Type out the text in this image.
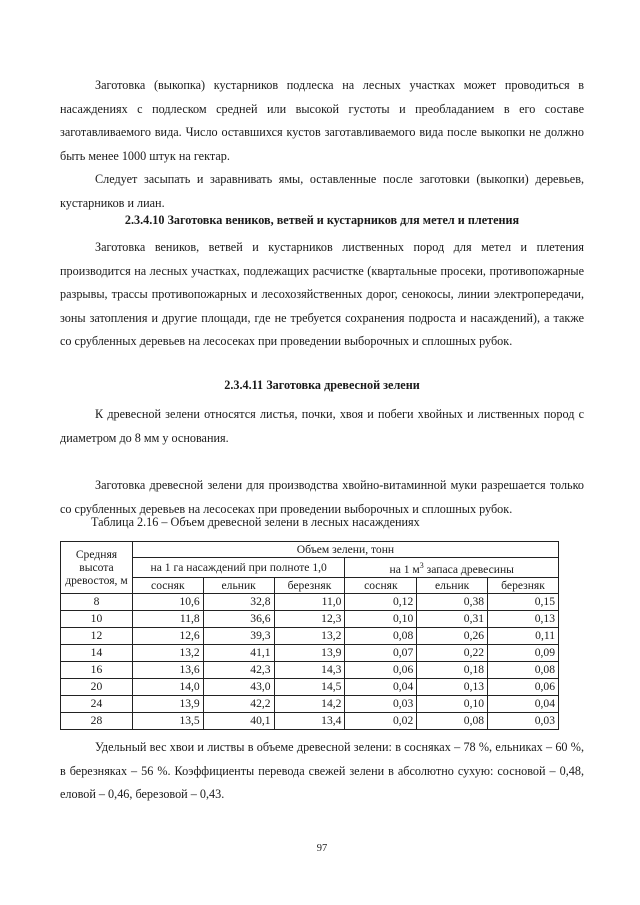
Заготовка (выкопка) кустарников подлеска на лесных участках может проводиться в насаждениях с подлеском средней или высокой густоты и преобладанием в его составе заготавливаемого вида. Число оставшихся кустов заготавливаемого вида после выкопки не должно быть менее 1000 штук на гектар.

Следует засыпать и заравнивать ямы, оставленные после заготовки (выкопки) деревьев, кустарников и лиан.

2.3.4.10 Заготовка веников, ветвей и кустарников для метел и плетения

Заготовка веников, ветвей и кустарников лиственных пород для метел и плетения производится на лесных участках, подлежащих расчистке (квартальные просеки, противопожарные разрывы, трассы противопожарных и лесохозяйственных дорог, сенокосы, линии электропередачи, зоны затопления и другие площади, где не требуется сохранения подроста и насаждений), а также со срубленных деревьев на лесосеках при проведении выборочных и сплошных рубок.

2.3.4.11 Заготовка древесной зелени

К древесной зелени относятся листья, почки, хвоя и побеги хвойных и лиственных пород с диаметром до 8 мм у основания.

Заготовка древесной зелени для производства хвойно-витаминной муки разрешается только со срубленных деревьев на лесосеках при проведении выборочных и сплошных рубок.

Таблица 2.16 – Объем древесной зелени в лесных насаждениях

Средняя высота древостоя, м	Объем зелени, тонн					
	на 1 га насаждений при полноте 1,0			на 1 $м^3$ запаса древесины		
	сосняк	ельник	березняк	сосняк	ельник	березняк
8	10,6	32,8	11,0	0,12	0,38	0,15
10	11,8	36,6	12,3	0,10	0,31	0,13
12	12,6	39,3	13,2	0,08	0,26	0,11
14	13,2	41,1	13,9	0,07	0,22	0,09
16	13,6	42,3	14,3	0,06	0,18	0,08
20	14,0	43,0	14,5	0,04	0,13	0,06
24	13,9	42,2	14,2	0,03	0,10	0,04
28	13,5	40,1	13,4	0,02	0,08	0,03

Удельный вес хвои и листвы в объеме древесной зелени: в сосняках – 78 %, ельниках – 60 %, в березняках – 56 %. Коэффициенты перевода свежей зелени в абсолютно сухую: сосновой – 0,48, еловой – 0,46, березовой – 0,43.

97
